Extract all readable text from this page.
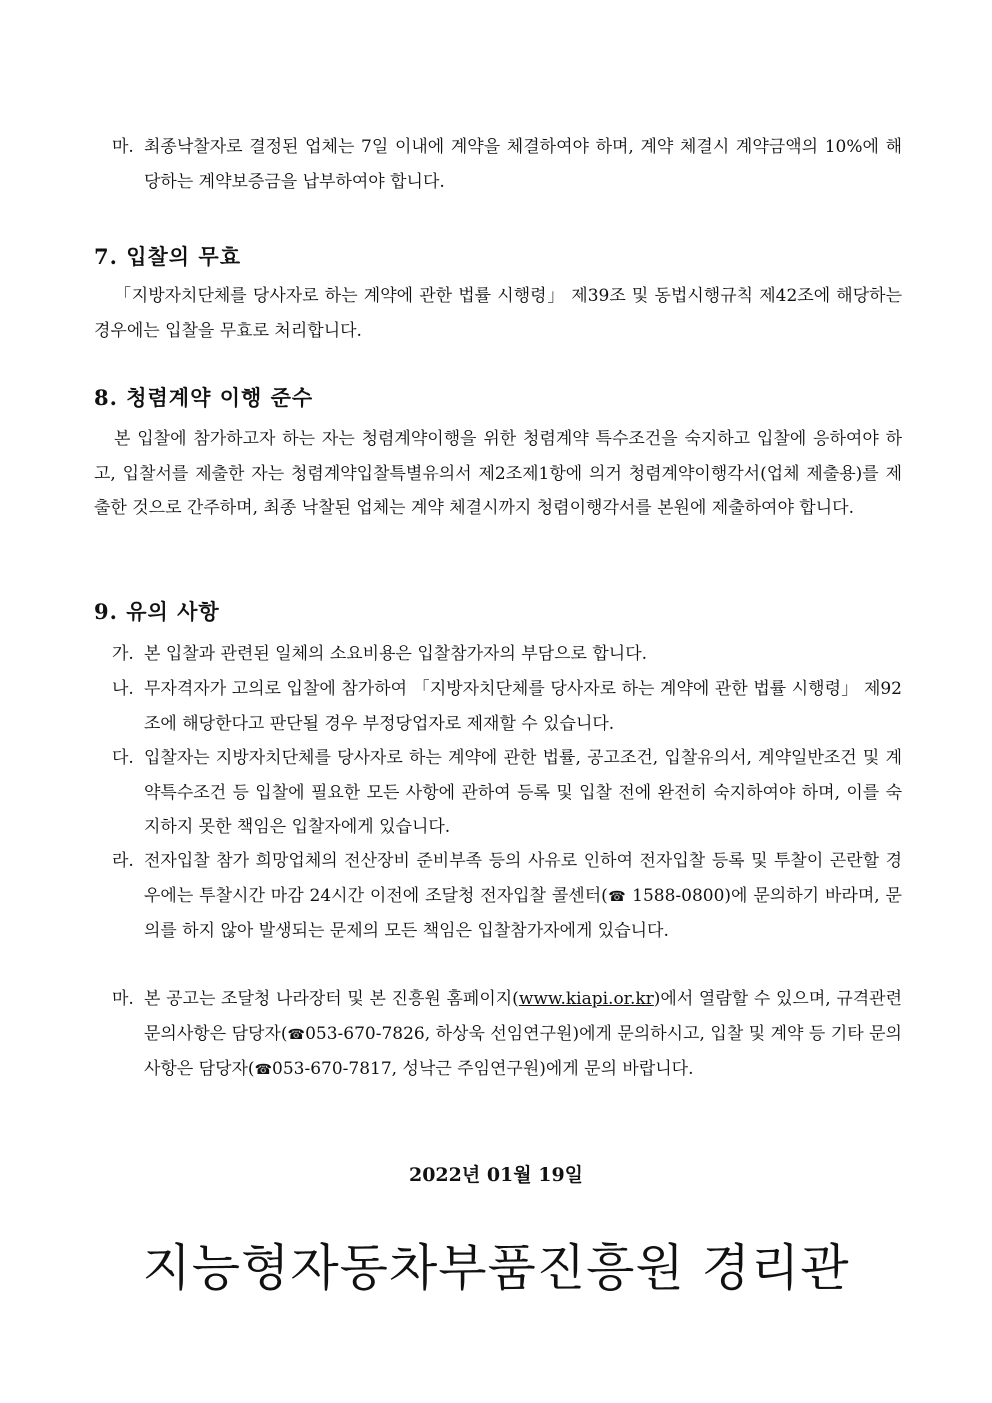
마. 최종낙찰자로 결정된 업체는 7일 이내에 계약을 체결하여야 하며, 계약 체결시 계약금액의 10%에 해당하는 계약보증금을 납부하여야 합니다.
7. 입찰의 무효
「지방자치단체를 당사자로 하는 계약에 관한 법률 시행령」 제39조 및 동법시행규칙 제42조에 해당하는 경우에는 입찰을 무효로 처리합니다.
8. 청렴계약 이행 준수
본 입찰에 참가하고자 하는 자는 청렴계약이행을 위한 청렴계약 특수조건을 숙지하고 입찰에 응하여야 하고, 입찰서를 제출한 자는 청렴계약입찰특별유의서 제2조제1항에 의거 청렴계약이행각서(업체 제출용)를 제출한 것으로 간주하며, 최종 낙찰된 업체는 계약 체결시까지 청렴이행각서를 본원에 제출하여야 합니다.
9. 유의 사항
가. 본 입찰과 관련된 일체의 소요비용은 입찰참가자의 부담으로 합니다.
나. 무자격자가 고의로 입찰에 참가하여 「지방자치단체를 당사자로 하는 계약에 관한 법률 시행령」 제92조에 해당한다고 판단될 경우 부정당업자로 제재할 수 있습니다.
다. 입찰자는 지방자치단체를 당사자로 하는 계약에 관한 법률, 공고조건, 입찰유의서, 계약일반조건 및 계약특수조건 등 입찰에 필요한 모든 사항에 관하여 등록 및 입찰 전에 완전히 숙지하여야 하며, 이를 숙지하지 못한 책임은 입찰자에게 있습니다.
라. 전자입찰 참가 희망업체의 전산장비 준비부족 등의 사유로 인하여 전자입찰 등록 및 투찰이 곤란할 경우에는 투찰시간 마감 24시간 이전에 조달청 전자입찰 콜센터(☎ 1588-0800)에 문의하기 바라며, 문의를 하지 않아 발생되는 문제의 모든 책임은 입찰참가자에게 있습니다.
마. 본 공고는 조달청 나라장터 및 본 진흥원 홈페이지(www.kiapi.or.kr)에서 열람할 수 있으며, 규격관련 문의사항은 담당자(☎053-670-7826, 하상욱 선임연구원)에게 문의하시고, 입찰 및 계약 등 기타 문의사항은 담당자(☎053-670-7817, 성낙근 주임연구원)에게 문의 바랍니다.
2022년 01월 19일
지능형자동차부품진흥원 경리관
